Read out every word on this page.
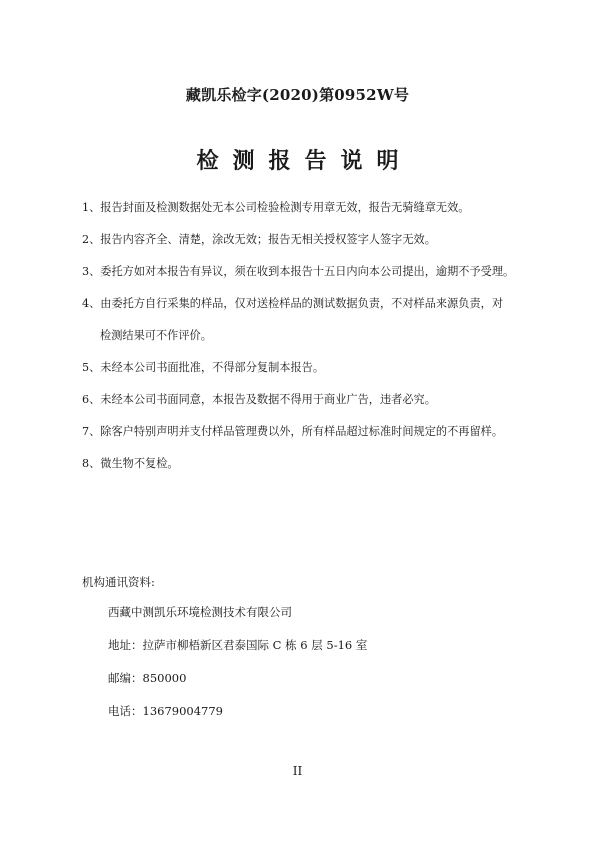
藏凯乐检字(2020)第0952W号
检测报告说明
1、报告封面及检测数据处无本公司检验检测专用章无效，报告无骑缝章无效。
2、报告内容齐全、清楚，涂改无效；报告无相关授权签字人签字无效。
3、委托方如对本报告有异议，须在收到本报告十五日内向本公司提出，逾期不予受理。
4、由委托方自行采集的样品，仅对送检样品的测试数据负责，不对样品来源负责，对
检测结果可不作评价。
5、未经本公司书面批准，不得部分复制本报告。
6、未经本公司书面同意，本报告及数据不得用于商业广告，违者必究。
7、除客户特别声明并支付样品管理费以外，所有样品超过标准时间规定的不再留样。
8、微生物不复检。
机构通讯资料:
西藏中测凯乐环境检测技术有限公司
地址：拉萨市柳梧新区君泰国际 C 栋 6 层 5-16 室
邮编：850000
电话：13679004779
II
